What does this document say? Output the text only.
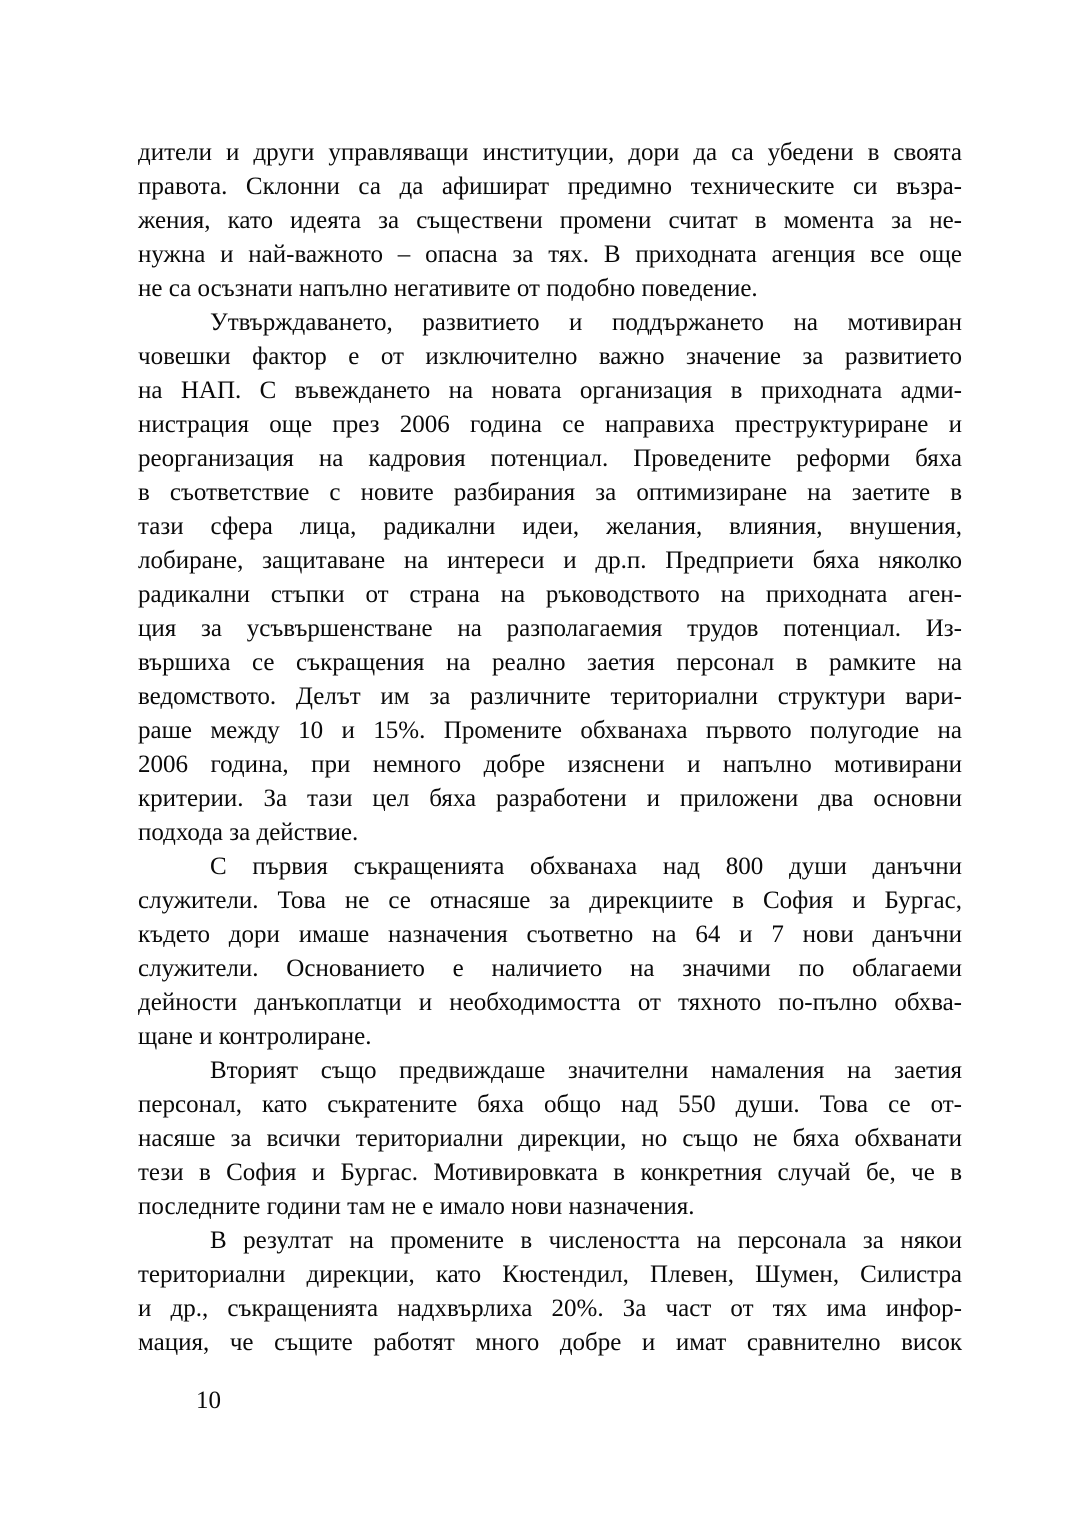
дители и други управляващи институции, дори да са убедени в своята
правота. Склонни са да афишират предимно техническите си възра-
жения, като идеята за съществени промени считат в момента за не-
нужна и най-важното – опасна за тях. В приходната агенция все още
не са осъзнати напълно негативите от подобно поведение.
Утвърждаването, развитието и поддържането на мотивиран
човешки фактор е от изключително важно значение за развитието
на НАП. С въвеждането на новата организация в приходната адми-
нистрация още през 2006 година се направиха преструктуриране и
реорганизация на кадровия потенциал. Проведените реформи бяха
в съответствие с новите разбирания за оптимизиране на заетите в
тази сфера лица, радикални идеи, желания, влияния, внушения,
лобиране, защитаване на интереси и др.п. Предприети бяха няколко
радикални стъпки от страна на ръководството на приходната аген-
ция за усъвършенстване на разполагаемия трудов потенциал. Из-
вършиха се съкращения на реално заетия персонал в рамките на
ведомството. Делът им за различните териториални структури вари-
раше между 10 и 15%. Промените обхванаха първото полугодие на
2006 година, при немного добре изяснени и напълно мотивирани
критерии. За тази цел бяха разработени и приложени два основни
подхода за действие.
С първия съкращенията обхванаха над 800 души данъчни
служители. Това не се отнасяше за дирекциите в София и Бургас,
където дори имаше назначения съответно на 64 и 7 нови данъчни
служители. Основанието е наличието на значими по облагаеми
дейности данъкоплатци и необходимостта от тяхното по-пълно обхва-
щане и контролиране.
Вторият също предвиждаше значителни намаления на заетия
персонал, като съкратените бяха общо над 550 души. Това се от-
насяше за всички териториални дирекции, но също не бяха обхванати
тези в София и Бургас. Мотивировката в конкретния случай бе, че в
последните години там не е имало нови назначения.
В резултат на промените в числеността на персонала за някои
териториални дирекции, като Кюстендил, Плевен, Шумен, Силистра
и др., съкращенията надхвърлиха 20%. За част от тях има инфор-
мация, че същите работят много добре и имат сравнително висок
10
